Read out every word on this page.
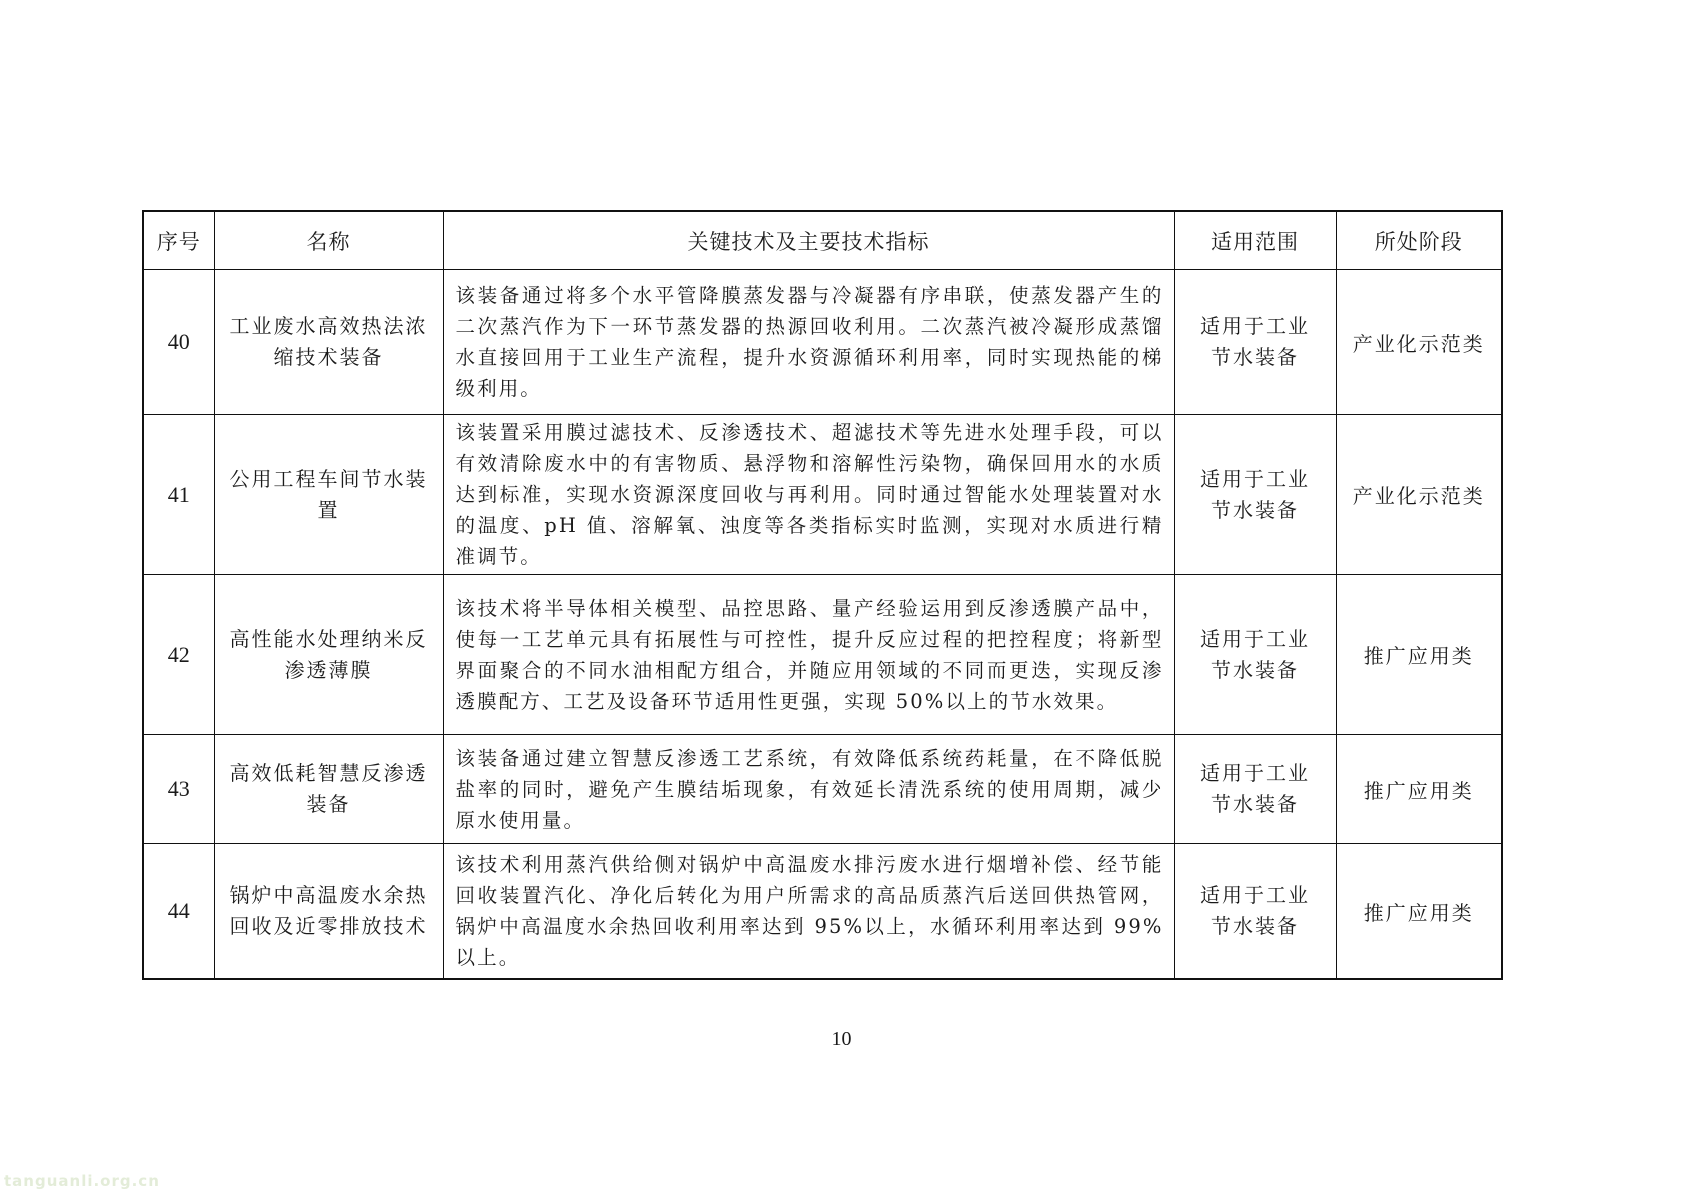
序号	名称	关键技术及主要技术指标	适用范围	所处阶段
40	工业废水高效热法浓缩技术装备	该装备通过将多个水平管降膜蒸发器与冷凝器有序串联，使蒸发器产生的二次蒸汽作为下一环节蒸发器的热源回收利用。二次蒸汽被冷凝形成蒸馏水直接回用于工业生产流程，提升水资源循环利用率，同时实现热能的梯级利用。	适用于工业节水装备	产业化示范类
41	公用工程车间节水装置	该装置采用膜过滤技术、反渗透技术、超滤技术等先进水处理手段，可以有效清除废水中的有害物质、悬浮物和溶解性污染物，确保回用水的水质达到标准，实现水资源深度回收与再利用。同时通过智能水处理装置对水的温度、pH 值、溶解氧、浊度等各类指标实时监测，实现对水质进行精准调节。	适用于工业节水装备	产业化示范类
42	高性能水处理纳米反渗透薄膜	该技术将半导体相关模型、品控思路、量产经验运用到反渗透膜产品中，使每一工艺单元具有拓展性与可控性，提升反应过程的把控程度；将新型界面聚合的不同水油相配方组合，并随应用领域的不同而更迭，实现反渗透膜配方、工艺及设备环节适用性更强，实现 50%以上的节水效果。	适用于工业节水装备	推广应用类
43	高效低耗智慧反渗透装备	该装备通过建立智慧反渗透工艺系统，有效降低系统药耗量，在不降低脱盐率的同时，避免产生膜结垢现象，有效延长清洗系统的使用周期，减少原水使用量。	适用于工业节水装备	推广应用类
44	锅炉中高温废水余热回收及近零排放技术	该技术利用蒸汽供给侧对锅炉中高温废水排污废水进行烟增补偿、经节能回收装置汽化、净化后转化为用户所需求的高品质蒸汽后送回供热管网，锅炉中高温度水余热回收利用率达到 95%以上，水循环利用率达到 99%以上。	适用于工业节水装备	推广应用类
10
tanguanli.org.cn
